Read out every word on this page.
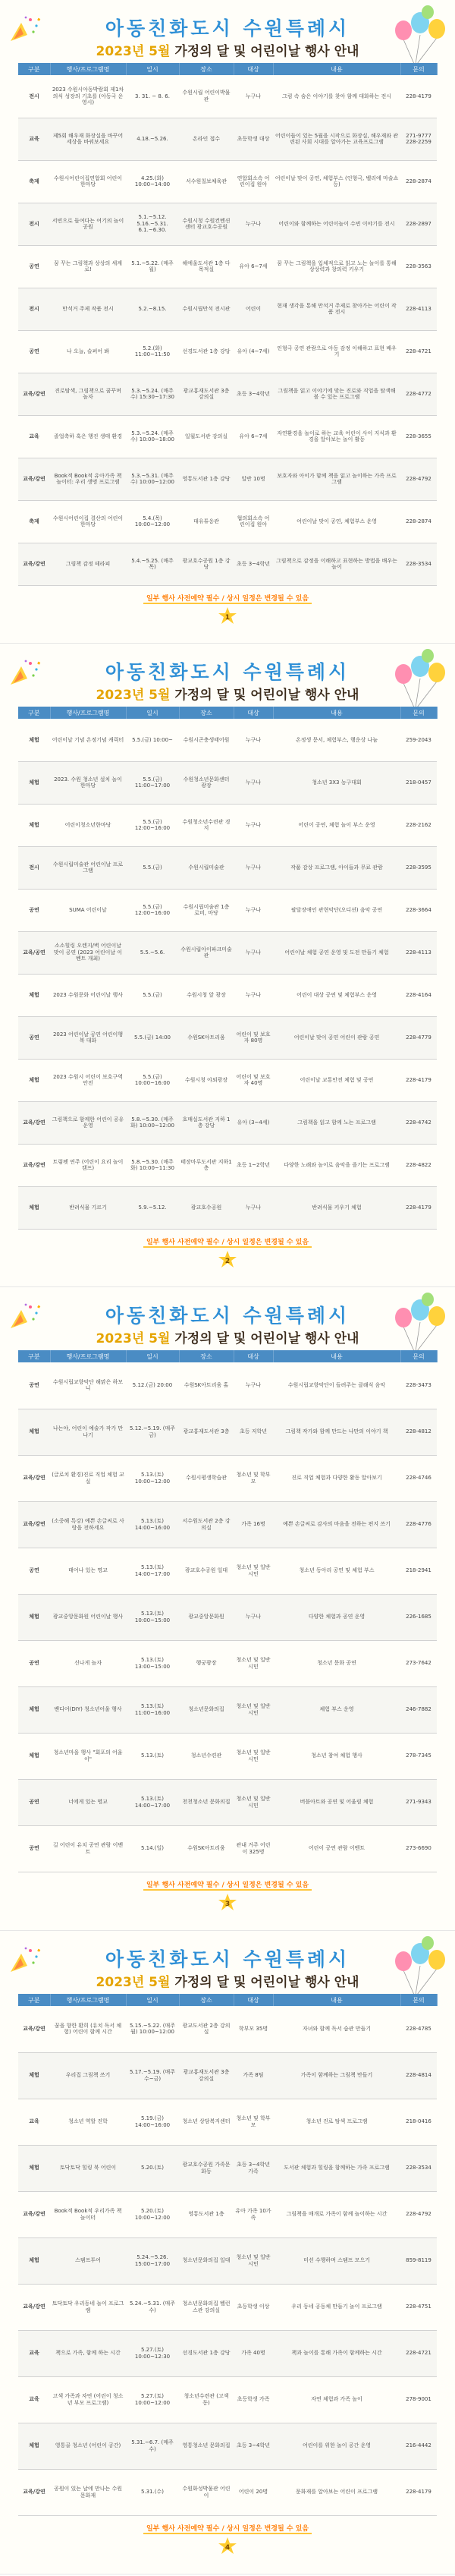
아동친화도시 수원특례시
2023년 5월 가정의 달 및 어린이날 행사 안내
구분	행사/프로그램명	일시	장소	대상	내용	문의
전시	2023 수원시아동박람회 제1차 의식 성장의 기초를 (아동국 운영시)	3. 31. ~ 8. 6.	수원시립 어린이박물관	누구나	그림 속 숨은 이야기를 찾아 함께 대화하는 전시	228-4179
교육	제5회 해우재 화장실을 바꾸어 세상을 바꿔보세요	4.18.~5.26.	온라인 접수	초등학생 대상	어린이들이 있는 5월을 시작으로 화장실, 해우재와 관련된 사회 시대를 알아가는 교육프로그램	271-9777 228-2259
축제	수원시어린이집연합회 어린이한마당	4.25.(화) 10:00~14:00	서수원칠보체육관	연합회소속 어린이집 원아	어린이날 맞이 공연, 체험부스 (인형극, 벨리에 마술쇼 등)	228-2874
전시	서빈으로 들여다는 여기의 놀이 공원	5.1.~5.12. 5.16.~5.31. 6.1.~6.30.	수원시청 수원컨벤션센터 광교호수공원	누구나	어린이와 함께하는 어린이놀이 수빈 이야기를 전시	228-2897
공연	꿈 꾸는 그림책과 상상의 세계로!	5.1.~5.22. (매주 월)	해에울도서관 1층 다목적실	유아 6~7세	꿈 꾸는 그림책을 입체적으로 읽고 노는 놀이를 통해 상상력과 창의력 키우기	228-3563
전시	만석거 주제 작품 전시	5.2.~8.15.	수원시립만석 전시관	어린이	현재 생각을 통해 만석거 주제로 찾아가는 어린이 작품 전시	228-4113
공연	나 오늘, 슬퍼어 봐	5.2.(화) 11:00~11:50	선경도서관 1층 강당	유아 (4~7세)	인형극 공연 관람으로 아동 감정 이해하고 표현 배우기	228-4721
교육/강연	진로탐색, 그림책으로 꿈꾸며 놀자	5.3.~5.24. (매주 수) 15:30~17:30	광교홍재도서관 3층 강의실	초등 3~4학년	그림책을 읽고 이야기에 맞는 진로와 직업을 탐색해 볼 수 있는 프로그램	228-4772
교육	졸업축하 혹은 행진 생태 환경	5.3.~5.24. (매주 수) 10:00~18:00	일월도서관 강의실	유아 6~7세	자연환경을 놀이로 하는 교육 어린이 사이 지식과 환경을 알아보는 놀이 활동	228-3655
교육/강연	Book적 Book적 유아가족 책 놀이터: 우리 생명 프로그램	5.3.~5.31. (매주 수) 10:00~12:00	영통도서관 1층 강당	일반 10명	보호자와 아이가 함께 책을 읽고 놀이하는 가족 프로그램	228-4792
축제	수원시어린이집 결산의 어린이 한마당	5.4.(목) 10:00~12:00	대유튜응관	협의회소속 어린이집 원아	어린이날 맞이 공연, 체험부스 운영	228-2874
교육/강연	그림책 감정 테라피	5.4.~5.25. (매주 목)	광교호수공원 1층 강당	초등 3~4학년	그림책으로 감정을 이해하고 표현하는 방법을 배우는 놀이	228-3534
일부 행사 사전예약 필수 / 상시 일정은 변경될 수 있음
1
아동친화도시 수원특례시
2023년 5월 가정의 달 및 어린이날 행사 안내
구분	행사/프로그램명	일시	장소	대상	내용	문의
체험	어린이날 기념 온정기념 캐릭터	5.5.(금) 10:00~	수원시곤충생태어원	누구나	온정생 문서, 체험부스, 행운상 나눔	259-2043
체험	2023. 수원 청소년 설치 놀이한마당	5.5.(금) 11:00~17:00	수원청소년문화센터 광장	누구나	청소년 3X3 농구대회	218-0457
체험	어린이청소년한마당	5.5.(금) 12:00~16:00	수원청소년수련관 경지	누구나	어린이 공연, 체험 놀이 부스 운영	228-2162
전시	수원시립미술관 어린이날 프로그램	5.5.(금)	수원시립미술관	누구나	작품 감상 프로그램, 아이들과 무료 관람	228-3595
공연	SUMA 어린이날	5.5.(금) 12:00~16:00	수원시립미술관 1층 로비, 마당	누구나	팔달장애인 관현악단(오디션) 음악 공연	228-3664
교육/공연	소소힐링 오렌지/벽 어린이날 맞이 공연 (2023 어린이날 이벤트 개최)	5.5.~5.6.	수원시립아이파크미술관	누구나	어린이날 체험 공연 운영 및 도전 만들기 체험	228-4113
체험	2023 수원문화 어린이날 행사	5.5.(금)	수원시청 앞 광장	누구나	어린이 대상 공연 및 체험부스 운영	228-4164
공연	2023 어린이날 공연 어린이행복 대화	5.5.(금) 14:00	수원SK아트리움	어린이 및 보호자 80명	어린이날 맞이 공연 어린이 관람 공연	228-4779
체험	2023 수원시 어린이 보호구역 안전	5.5.(금) 10:00~16:00	수원시청 야외광장	어린이 및 보호자 40명	어린이날 교통안전 체험 및 공연	228-4179
교육/강연	그림책으로 함께한 어린이 공유 운영	5.8.~5.30. (매주 화) 10:00~12:00	호매실도서관 지하 1층 강당	유아 (3~4세)	그림책을 읽고 함께 노는 프로그램	228-4742
교육/강연	트럼펫 연주 (어린이 요리 놀이 캠프)	5.8.~5.30. (매주 화) 10:00~11:30	태장마루도서관 지하1층	초등 1~2학년	다양한 노래와 놀이로 음악을 즐기는 프로그램	228-4822
체험	반려식물 기르기	5.9.~5.12.	광교호수공원	누구나	반려식물 키우기 체험	228-4179
일부 행사 사전예약 필수 / 상시 일정은 변경될 수 있음
2
아동친화도시 수원특례시
2023년 5월 가정의 달 및 어린이날 행사 안내
구분	행사/프로그램명	일시	장소	대상	내용	문의
공연	수원시립교향악단 해맑은 하모니	5.12.(금) 20:00	수원SK아트리움 홀	누구나	수원시립교향악단이 들려주는 클래식 음악	228-3473
체험	나는야, 어린이 예술가 작가 만나기	5.12.~5.19. (매주 금)	광교홍재도서관 3층	초등 저학년	그림책 작가와 함께 만드는 나만의 이야기 책	228-4812
교육/강연	(글로치 환경)진로 직업 체험 교실	5.13.(토) 10:00~12:00	수원시평생학습관	청소년 및 학부모	진로 직업 체험과 다양한 활동 알아보기	228-4746
교육/강연	(소중해 특강) 예쁜 손글씨로 사랑을 전하세요	5.13.(토) 14:00~16:00	서수원도서관 2층 강의실	가족 16명	예쁜 손글씨로 감사의 마음을 전하는 편지 쓰기	228-4776
공연	태어나 있는 명교	5.13.(토) 14:00~17:00	광교호수공원 일대	청소년 및 일반시민	청소년 동아리 공연 및 체험 부스	218-2941
체험	광교중앙문화원 어린이날 행사	5.13.(토) 10:00~15:00	광교중앙문화원	누구나	다양한 체험과 공연 운영	226-1685
공연	신나게 놀자	5.13.(토) 13:00~15:00	행궁광장	청소년 및 일반시민	청소년 문화 공연	273-7642
체험	밴디어(DIY) 청소년어울 행사	5.13.(토) 11:00~16:00	청소년문화의집	청소년 및 일반시민	체험 부스 운영	246-7882
체험	청소년마을 행사 "회포의 어울이"	5.13.(토)	청소년수련관	청소년 및 일반시민	청소년 참여 체험 행사	278-7345
공연	너에게 있는 명교	5.13.(토) 14:00~17:00	천천청소년 문화의집	청소년 및 일반시민	버블아트와 공연 및 어울림 체험	271-9343
공연	길 어린이 유치 공연 관람 이벤트	5.14.(일)	수원SK아트리움	관내 거주 어린이 325명	어린이 공연 관람 이벤트	273-6690
일부 행사 사전예약 필수 / 상시 일정은 변경될 수 있음
3
아동친화도시 수원특례시
2023년 5월 가정의 달 및 어린이날 행사 안내
구분	행사/프로그램명	일시	장소	대상	내용	문의
교육/강연	꿈을 향한 환희 (유치 독서 체험) 어린이 함께 시간	5.15.~5.22. (매주 월) 10:00~12:00	광교도서관 2층 강의실	학부모 35명	자녀와 함께 독서 습관 만들기	228-4785
체험	우리집 그림책 쓰기	5.17.~5.19. (매주 수~금)	광교홍재도서관 3층 강의실	가족 8팀	가족이 함께하는 그림책 만들기	228-4814
교육	청소년 역할 진학	5.19.(금) 14:00~16:00	청소년 상담복지센터	청소년 및 학부모	청소년 진로 탐색 프로그램	218-0416
체험	토닥토닥 힐링 북 어린이	5.20.(토)	광교호수공원 가족문화동	초등 3~4학년 가족	도서관 체험과 힐링을 함께하는 가족 프로그램	228-3534
교육/강연	Book적 Book적 우리가족 책 놀이터	5.20.(토) 10:00~12:00	영통도서관 1층	유아 가족 10가족	그림책을 매개로 가족이 함께 놀이하는 시간	228-4792
체험	스탬프투어	5.24.~5.26. 15:00~17:00	청소년문화의집 일대	청소년 및 일반시민	미션 수행하며 스탬프 모으기	859-8119
교육/강연	토닥토닥 우리동네 놀이 프로그램	5.24.~5.31. (매주 수)	청소년문화의집 벨런스관 강의실	초등학생 이상	우리 동네 공동체 만들기 놀이 프로그램	228-4751
교육	책으로 가족, 함께 하는 시간	5.27.(토) 10:00~12:30	선경도서관 1층 강당	가족 40명	책과 놀이를 통해 가족이 함께하는 시간	228-4721
교육	고색 가족과 자연 (어린이 청소년 부모 프로그램)	5.27.(토) 10:00~12:00	청소년수련관 (고색동)	초등학생 가족	자연 체험과 가족 놀이	278-9001
체험	영통골 청소년 (어린이 공간)	5.31.~6.7. (매주 수)	영통청소년 문화의집	초등 3~4학년	어린이를 위한 놀이 공간 운영	216-4442
교육/강연	공원이 있는 날에 만나는 수원 문화재	5.31.(수)	수원화성박물관 어린이	어린이 20명	문화재를 알아보는 어린이 프로그램	228-4179
일부 행사 사전예약 필수 / 상시 일정은 변경될 수 있음
4
